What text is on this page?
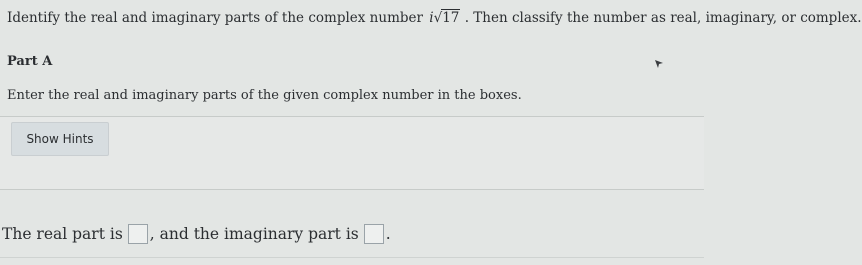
Identify the real and imaginary parts of the complex number i√17 . Then classify the number as real, imaginary, or complex.
Part A
Enter the real and imaginary parts of the given complex number in the boxes.
Show Hints
The real part is , and the imaginary part is .
